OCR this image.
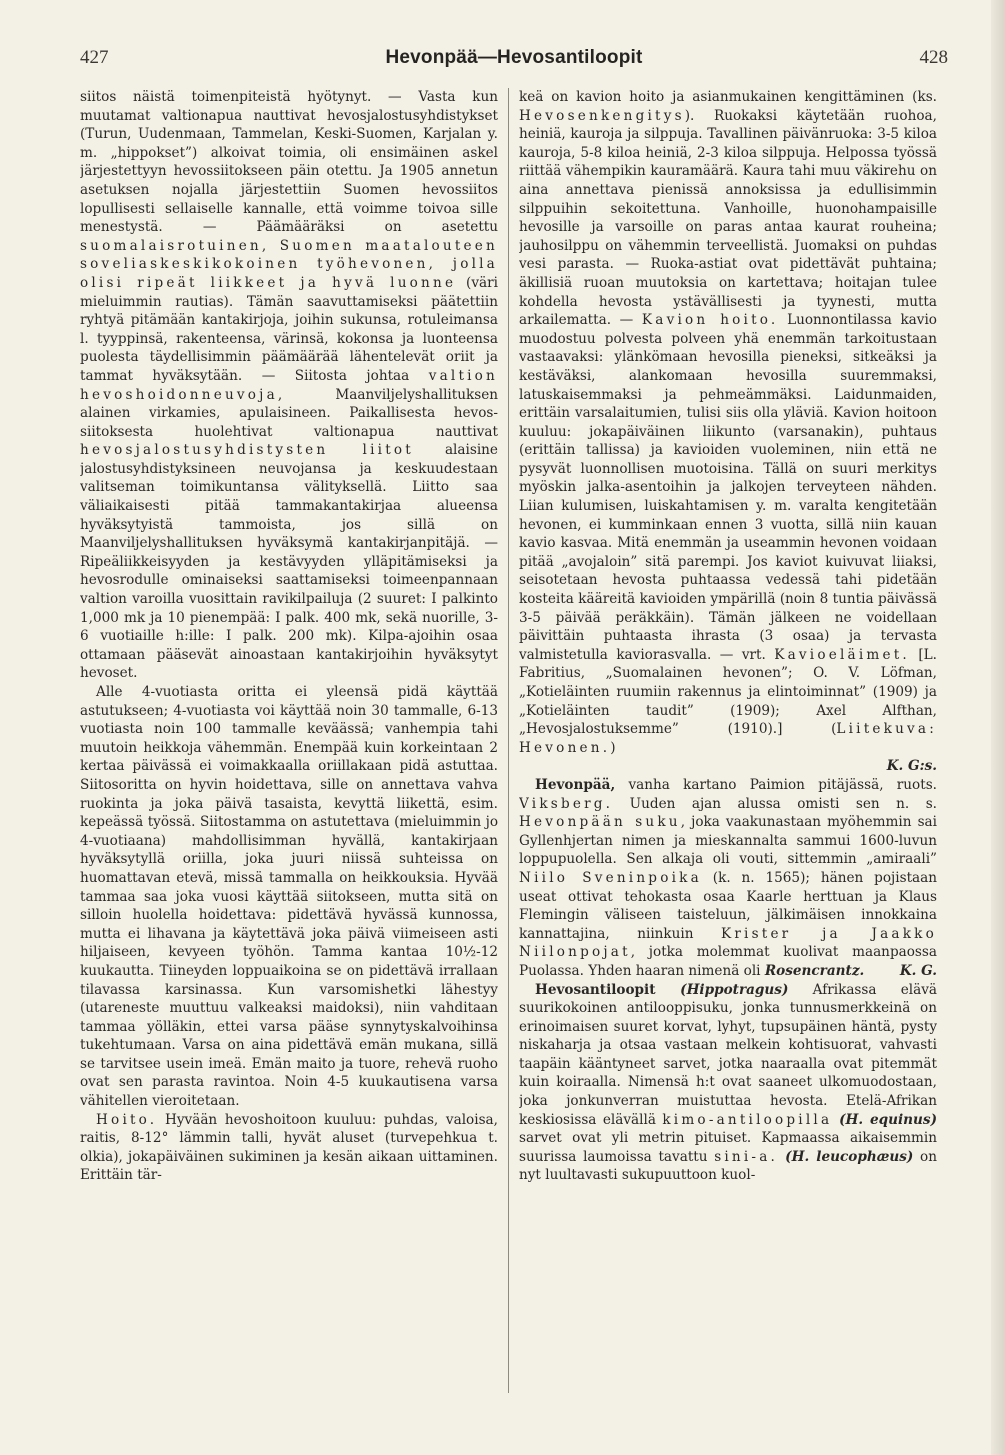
427	Hevonpää—Hevosantiloopit	428

siitos näistä toimenpiteistä hyötynyt. — Vasta kun muutamat valtionapua nauttivat hevosjalostusyhdistykset (Turun, Uudenmaan, Tammelan, Keski-Suomen, Karjalan y. m. „hippokset”) alkoivat toimia, oli ensimäinen askel järjestettyyn hevossiitokseen päin otettu. Ja 1905 annetun asetuksen nojalla järjestettiin Suomen hevossiitos lopullisesti sellaiselle kannalle, että voimme toivoa sille menestystä. — Päämääräksi on asetettu suomalaisrotuinen, Suomen maatalouteen soveliaskeskikokoinen työhevonen, jolla olisi ripeät liikkeet ja hyvä luonne (väri mieluimmin rautias). Tämän saavuttamiseksi päätettiin ryhtyä pitämään kantakirjoja, joihin sukunsa, rotuleimansa l. tyyppinsä, rakenteensa, värinsä, kokonsa ja luonteensa puolesta täydellisimmin päämäärää lähentelevät oriit ja tammat hyväksytään. — Siitosta johtaa valtion hevoshoidonneuvoja, Maanviljelyshallituksen alainen virkamies, apulaisineen. Paikallisesta hevos-siitoksesta huolehtivat valtionapua nauttivat hevosjalostusyhdistysten liitot alaisine jalostusyhdistyksineen neuvojansa ja keskuudestaan valitseman toimikuntansa välityksellä. Liitto saa väliaikaisesti pitää tammakantakirjaa alueensa hyväksytyistä tammoista, jos sillä on Maanviljelyshallituksen hyväksymä kantakirjanpitäjä. — Ripeäliikkeisyyden ja kestävyyden ylläpitämiseksi ja hevosrodulle ominaiseksi saattamiseksi toimeenpannaan valtion varoilla vuosittain ravikilpailuja (2 suuret: I palkinto 1,000 mk ja 10 pienempää: I palk. 400 mk, sekä nuorille, 3-6 vuotiaille h:ille: I palk. 200 mk). Kilpa-ajoihin osaa ottamaan pääsevät ainoastaan kantakirjoihin hyväksytyt hevoset.

Alle 4-vuotiasta oritta ei yleensä pidä käyttää astutukseen; 4-vuotiasta voi käyttää noin 30 tammalle, 6-13 vuotiasta noin 100 tammalle keväässä; vanhempia tahi muutoin heikkoja vähemmän. Enempää kuin korkeintaan 2 kertaa päivässä ei voimakkaalla oriillakaan pidä astuttaa. Siitosoritta on hyvin hoidettava, sille on annettava vahva ruokinta ja joka päivä tasaista, kevyttä liikettä, esim. kepeässä työssä. Siitostamma on astutettava (mieluimmin jo 4-vuotiaana) mahdollisimman hyvällä, kantakirjaan hyväksytyllä oriilla, joka juuri niissä suhteissa on huomattavan etevä, missä tammalla on heikkouksia. Hyvää tammaa saa joka vuosi käyttää siitokseen, mutta sitä on silloin huolella hoidettava: pidettävä hyvässä kunnossa, mutta ei lihavana ja käytettävä joka päivä viimeiseen asti hiljaiseen, kevyeen työhön. Tamma kantaa 10½-12 kuukautta. Tiineyden loppuaikoina se on pidettävä irrallaan tilavassa karsinassa. Kun varsomishetki lähestyy (utareneste muuttuu valkeaksi maidoksi), niin vahditaan tammaa yölläkin, ettei varsa pääse synnytyskalvoihinsa tukehtumaan. Varsa on aina pidettävä emän mukana, sillä se tarvitsee usein imeä. Emän maito ja tuore, rehevä ruoho ovat sen parasta ravintoa. Noin 4-5 kuukautisena varsa vähitellen vieroitetaan.

Hoito. Hyvään hevoshoitoon kuuluu: puhdas, valoisa, raitis, 8-12° lämmin talli, hyvät aluset (turvepehkua t. olkia), jokapäiväinen sukiminen ja kesän aikaan uittaminen. Erittäin tär-

keä on kavion hoito ja asianmukainen kengittäminen (ks. Hevosenkengitys). Ruokaksi käytetään ruohoa, heiniä, kauroja ja silppuja. Tavallinen päivänruoka: 3-5 kiloa kauroja, 5-8 kiloa heiniä, 2-3 kiloa silppuja. Helpossa työssä riittää vähempikin kauramäärä. Kaura tahi muu väkirehu on aina annettava pienissä annoksissa ja edullisimmin silppuihin sekoitettuna. Vanhoille, huonohampaisille hevosille ja varsoille on paras antaa kaurat rouheina; jauhosilppu on vähemmin terveellistä. Juomaksi on puhdas vesi parasta. — Ruoka-astiat ovat pidettävät puhtaina; äkillisiä ruoan muutoksia on kartettava; hoitajan tulee kohdella hevosta ystävällisesti ja tyynesti, mutta arkailematta. — Kavion hoito. Luonnontilassa kavio muodostuu polvesta polveen yhä enemmän tarkoitustaan vastaavaksi: ylänkömaan hevosilla pieneksi, sitkeäksi ja kestäväksi, alankomaan hevosilla suuremmaksi, latuskaisemmaksi ja pehmeämmäksi. Laidunmaiden, erittäin varsalaitumien, tulisi siis olla yläviä. Kavion hoitoon kuuluu: jokapäiväinen liikunto (varsanakin), puhtaus (erittäin tallissa) ja kavioiden vuoleminen, niin että ne pysyvät luonnollisen muotoisina. Tällä on suuri merkitys myöskin jalka-asentoihin ja jalkojen terveyteen nähden. Liian kulumisen, luiskahtamisen y. m. varalta kengitetään hevonen, ei kumminkaan ennen 3 vuotta, sillä niin kauan kavio kasvaa. Mitä enemmän ja useammin hevonen voidaan pitää „avojaloin” sitä parempi. Jos kaviot kuivuvat liiaksi, seisotetaan hevosta puhtaassa vedessä tahi pidetään kosteita kääreitä kavioiden ympärillä (noin 8 tuntia päivässä 3-5 päivää peräkkäin). Tämän jälkeen ne voidellaan päivittäin puhtaasta ihrasta (3 osaa) ja tervasta valmistetulla kaviorasvalla. — vrt. Kavioeläimet. [L. Fabritius, „Suomalainen hevonen”; O. V. Löfman, „Kotieläinten ruumiin rakennus ja elintoiminnat” (1909) ja „Kotieläinten taudit” (1909); Axel Alfthan, „Hevosjalostuksemme” (1910).] (Liitekuva: Hevonen.)

K. G:s.

Hevonpää, vanha kartano Paimion pitäjässä, ruots. Viksberg. Uuden ajan alussa omisti sen n. s. Hevonpään suku, joka vaakunastaan myöhemmin sai Gyllenhjertan nimen ja mieskannalta sammui 1600-luvun loppupuolella. Sen alkaja oli vouti, sittemmin „amiraali” Niilo Sveninpoika (k. n. 1565); hänen pojistaan useat ottivat tehokasta osaa Kaarle herttuan ja Klaus Flemingin väliseen taisteluun, jälkimäisen innokkaina kannattajina, niinkuin Krister ja Jaakko Niilonpojat, jotka molemmat kuolivat maanpaossa Puolassa. Yhden haaran nimenä oli Rosencrantz.	K. G.

Hevosantiloopit (Hippotragus) Afrikassa elävä suurikokoinen antilooppisuku, jonka tunnusmerkkeinä on erinoimaisen suuret korvat, lyhyt, tupsupäinen häntä, pysty niskaharja ja otsaa vastaan melkein kohtisuorat, vahvasti taapäin kääntyneet sarvet, jotka naaraalla ovat pitemmät kuin koiraalla. Nimensä h:t ovat saaneet ulkomuodostaan, joka jonkunverran muistuttaa hevosta. Etelä-Afrikan keskiosissa elävällä kimo-antiloopilla (H. equinus) sarvet ovat yli metrin pituiset. Kapmaassa aikaisemmin suurissa laumoissa tavattu sini-a. (H. leucophæus) on nyt luultavasti sukupuuttoon kuol-
